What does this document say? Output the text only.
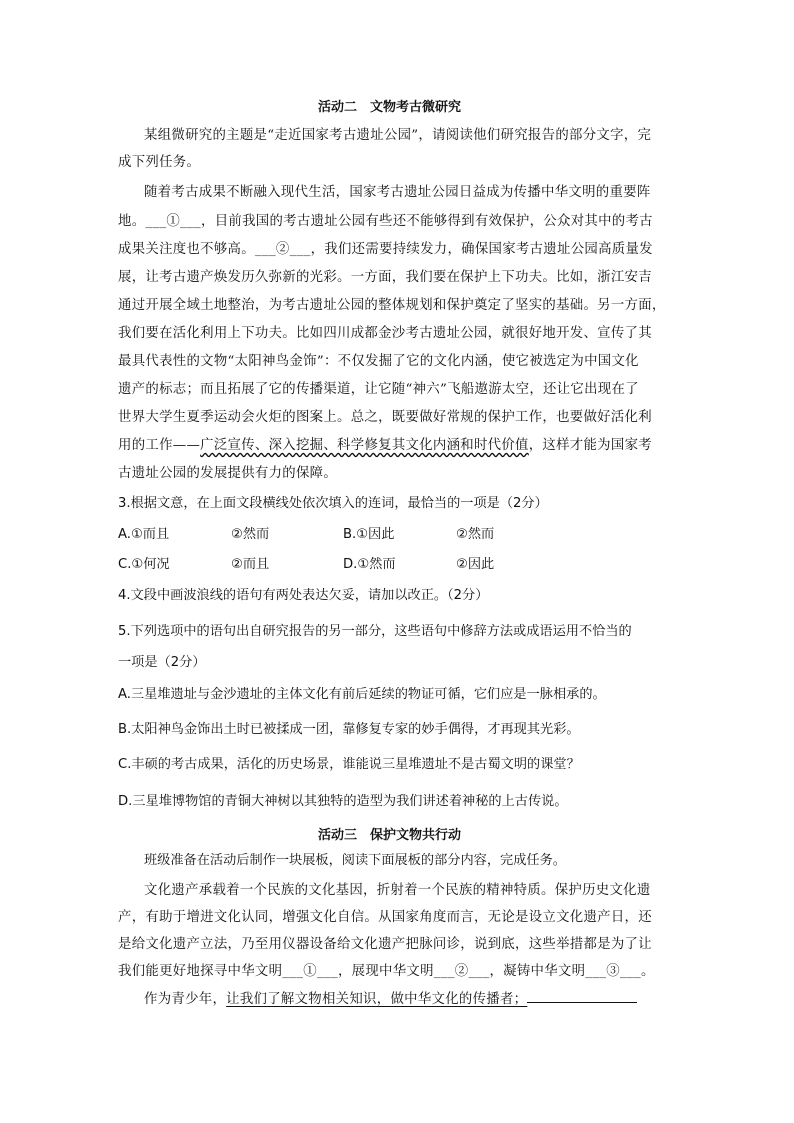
活动二　文物考古微研究
某组微研究的主题是“走近国家考古遗址公园”，请阅读他们研究报告的部分文字，完
成下列任务。
随着考古成果不断融入现代生活，国家考古遗址公园日益成为传播中华文明的重要阵
地。___①___，目前我国的考古遗址公园有些还不能够得到有效保护，公众对其中的考古
成果关注度也不够高。___②___，我们还需要持续发力，确保国家考古遗址公园高质量发
展，让考古遗产焕发历久弥新的光彩。一方面，我们要在保护上下功夫。比如，浙江安吉
通过开展全域土地整治，为考古遗址公园的整体规划和保护奠定了坚实的基础。另一方面，
我们要在活化利用上下功夫。比如四川成都金沙考古遗址公园，就很好地开发、宣传了其
最具代表性的文物“太阳神鸟金饰”：不仅发掘了它的文化内涵，使它被选定为中国文化
遗产的标志；而且拓展了它的传播渠道，让它随“神六”飞船遨游太空，还让它出现在了
世界大学生夏季运动会火炬的图案上。总之，既要做好常规的保护工作，也要做好活化利
用的工作——广泛宣传、深入挖掘、科学修复其文化内涵和时代价值，这样才能为国家考
古遗址公园的发展提供有力的保障。
3.根据文意，在上面文段横线处依次填入的连词，最恰当的一项是（2分）
A.①而且	②然而	B.①因此	②然而
C.①何况	②而且	D.①然而	②因此
4.文段中画波浪线的语句有两处表达欠妥，请加以改正。（2分）
5.下列选项中的语句出自研究报告的另一部分，这些语句中修辞方法或成语运用不恰当的
一项是（2分）
A.三星堆遗址与金沙遗址的主体文化有前后延续的物证可循，它们应是一脉相承的。
B.太阳神鸟金饰出土时已被揉成一团，靠修复专家的妙手偶得，才再现其光彩。
C.丰硕的考古成果，活化的历史场景，谁能说三星堆遗址不是古蜀文明的课堂？
D.三星堆博物馆的青铜大神树以其独特的造型为我们讲述着神秘的上古传说。
活动三　保护文物共行动
班级准备在活动后制作一块展板，阅读下面展板的部分内容，完成任务。
文化遗产承载着一个民族的文化基因，折射着一个民族的精神特质。保护历史文化遗
产，有助于增进文化认同，增强文化自信。从国家角度而言，无论是设立文化遗产日，还
是给文化遗产立法，乃至用仪器设备给文化遗产把脉问诊，说到底，这些举措都是为了让
我们能更好地探寻中华文明___①___，展现中华文明___②___，凝铸中华文明___③___。
作为青少年，让我们了解文物相关知识，做中华文化的传播者；
